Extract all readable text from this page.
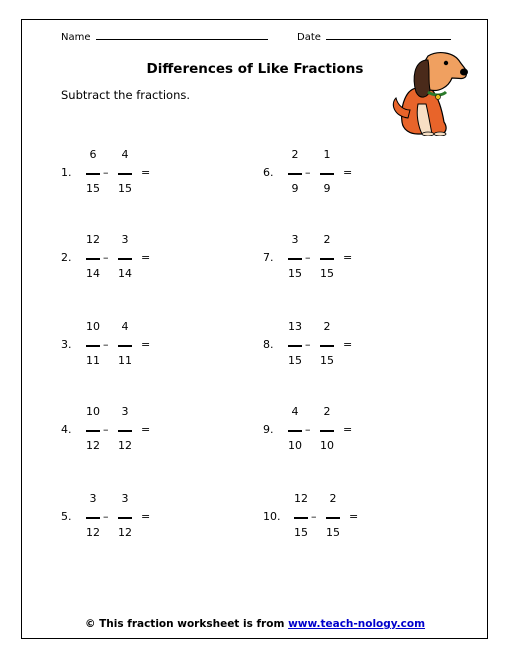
Name	Date
Differences of Like Fractions
Subtract the fractions.
1.
6
15
–
4
15
=
2.
12
14
–
3
14
=
3.
10
11
–
4
11
=
4.
10
12
–
3
12
=
5.
3
12
–
3
12
=
6.
2
9
–
1
9
=
7.
3
15
–
2
15
=
8.
13
15
–
2
15
=
9.
4
10
–
2
10
=
10.
12
15
–
2
15
=
© This fraction worksheet is from www.teach-nology.com
